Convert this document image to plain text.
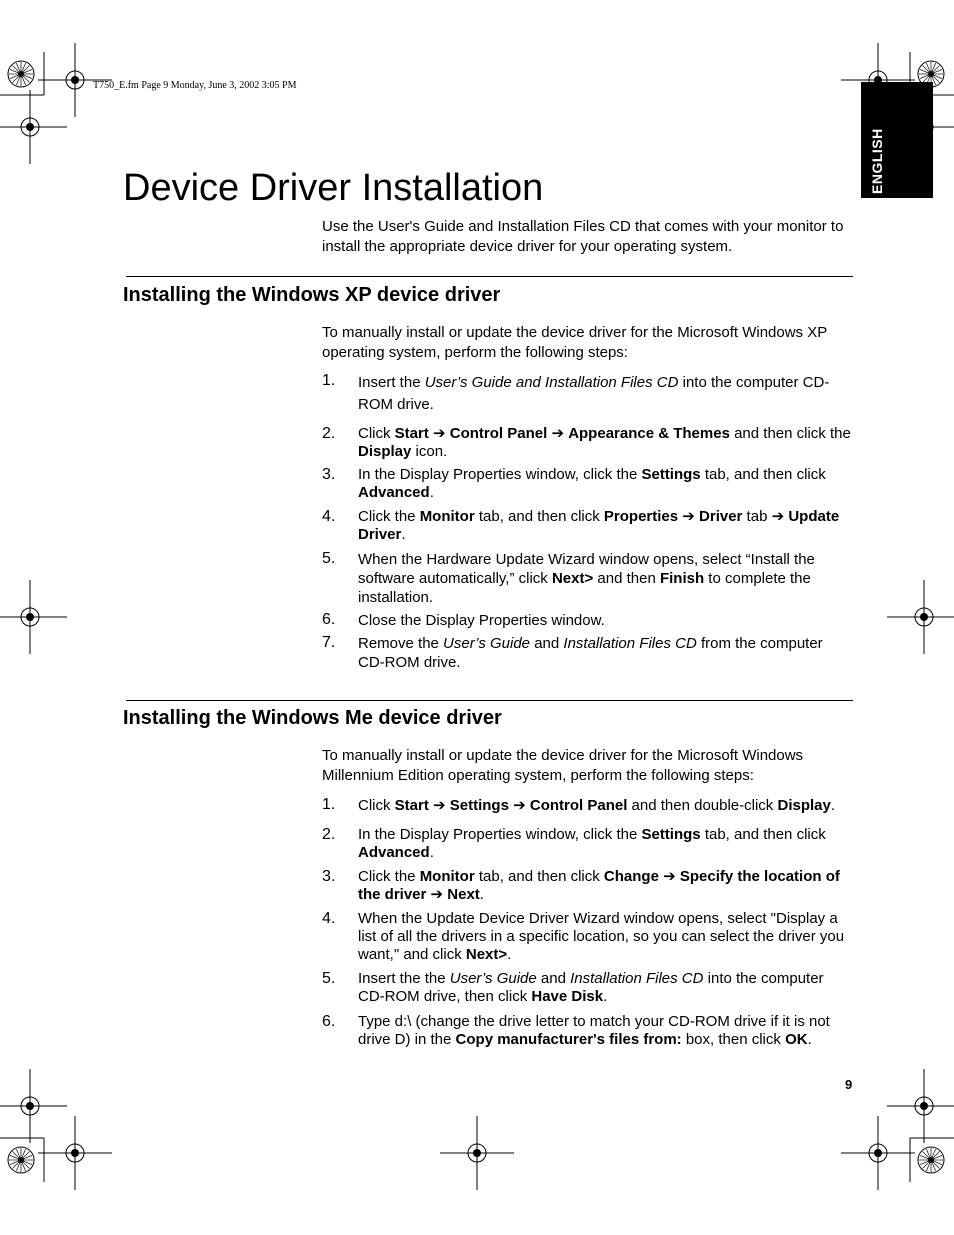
T750_E.fm Page 9 Monday, June 3, 2002 3:05 PM
ENGLISH
Device Driver Installation
Use the User's Guide and Installation Files CD that comes with your monitor to install the appropriate device driver for your operating system.
Installing the Windows XP device driver
To manually install or update the device driver for the Microsoft Windows XP operating system, perform the following steps:
1.	Insert the User’s Guide and Installation Files CD into the computer CD-ROM drive.
2.	Click Start ➔ Control Panel ➔ Appearance & Themes and then click the Display icon.
3.	In the Display Properties window, click the Settings tab, and then click Advanced.
4.	Click the Monitor tab, and then click Properties ➔ Driver tab ➔ Update Driver.
5.	When the Hardware Update Wizard window opens, select “Install the software automatically,” click Next> and then Finish to complete the installation.
6.	Close the Display Properties window.
7.	Remove the User’s Guide and Installation Files CD from the computer CD-ROM drive.
Installing the Windows Me device driver
To manually install or update the device driver for the Microsoft Windows Millennium Edition operating system, perform the following steps:
1.	Click Start ➔ Settings ➔ Control Panel and then double-click Display.
2.	In the Display Properties window, click the Settings tab, and then click Advanced.
3.	Click the Monitor tab, and then click Change ➔ Specify the location of the driver ➔ Next.
4.	When the Update Device Driver Wizard window opens, select "Display a list of all the drivers in a specific location, so you can select the driver you want," and click Next>.
5.	Insert the the User’s Guide and Installation Files CD into the computer CD-ROM drive, then click Have Disk.
6.	Type d:\ (change the drive letter to match your CD-ROM drive if it is not drive D) in the Copy manufacturer's files from: box, then click OK.
9
